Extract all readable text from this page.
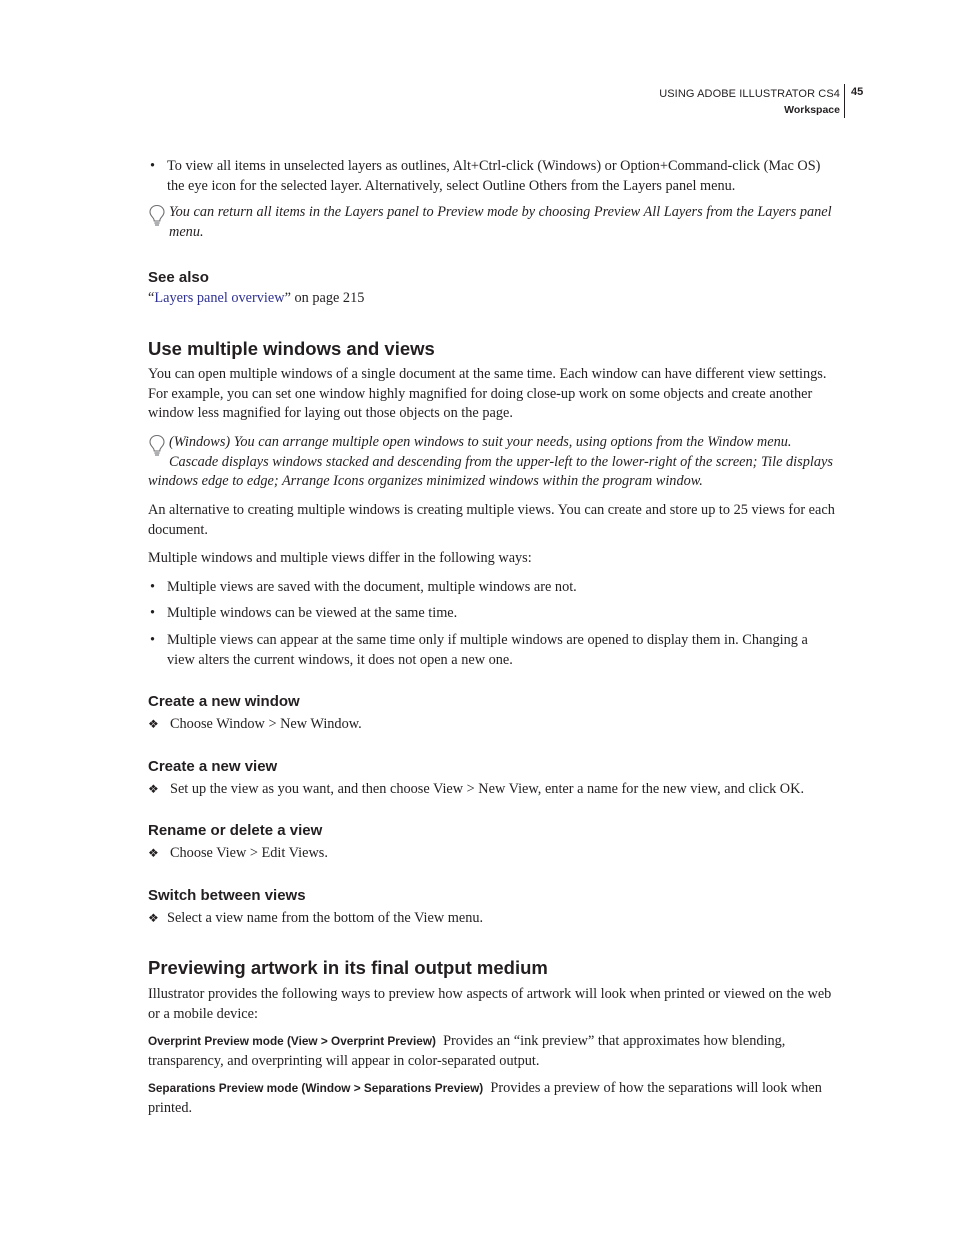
USING ADOBE ILLUSTRATOR CS4
Workspace
45
• To view all items in unselected layers as outlines, Alt+Ctrl-click (Windows) or Option+Command-click (Mac OS)
the eye icon for the selected layer. Alternatively, select Outline Others from the Layers panel menu.
You can return all items in the Layers panel to Preview mode by choosing Preview All Layers from the Layers panel
menu.
See also
“Layers panel overview” on page 215
Use multiple windows and views
You can open multiple windows of a single document at the same time. Each window can have different view settings.
For example, you can set one window highly magnified for doing close-up work on some objects and create another
window less magnified for laying out those objects on the page.
(Windows) You can arrange multiple open windows to suit your needs, using options from the Window menu.
Cascade displays windows stacked and descending from the upper-left to the lower-right of the screen; Tile displays
windows edge to edge; Arrange Icons organizes minimized windows within the program window.
An alternative to creating multiple windows is creating multiple views. You can create and store up to 25 views for each
document.
Multiple windows and multiple views differ in the following ways:
• Multiple views are saved with the document, multiple windows are not.
• Multiple windows can be viewed at the same time.
• Multiple views can appear at the same time only if multiple windows are opened to display them in. Changing a
view alters the current windows, it does not open a new one.
Create a new window
❖ Choose Window > New Window.
Create a new view
❖ Set up the view as you want, and then choose View > New View, enter a name for the new view, and click OK.
Rename or delete a view
❖ Choose View > Edit Views.
Switch between views
❖ Select a view name from the bottom of the View menu.
Previewing artwork in its final output medium
Illustrator provides the following ways to preview how aspects of artwork will look when printed or viewed on the web
or a mobile device:
Overprint Preview mode (View > Overprint Preview) Provides an “ink preview” that approximates how blending,
transparency, and overprinting will appear in color-separated output.
Separations Preview mode (Window > Separations Preview) Provides a preview of how the separations will look when
printed.
